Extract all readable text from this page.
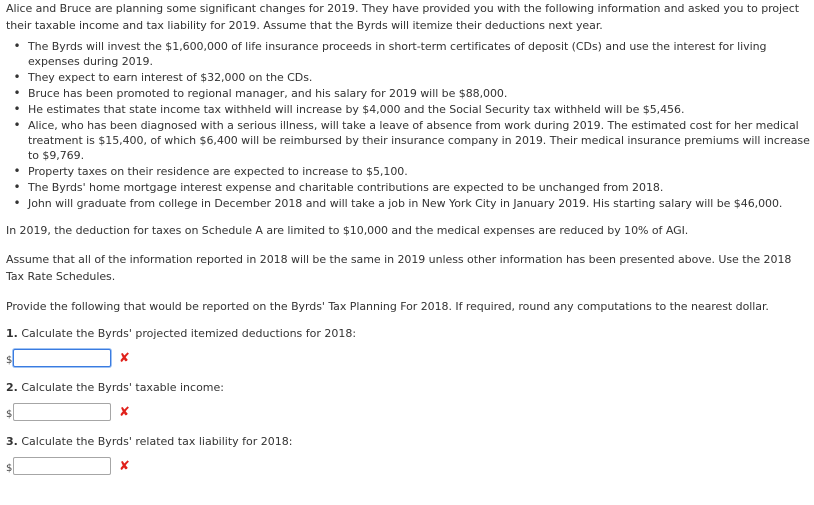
Alice and Bruce are planning some significant changes for 2019. They have provided you with the following information and asked you to project their taxable income and tax liability for 2019. Assume that the Byrds will itemize their deductions next year.

• The Byrds will invest the $1,600,000 of life insurance proceeds in short-term certificates of deposit (CDs) and use the interest for living expenses during 2019.
• They expect to earn interest of $32,000 on the CDs.
• Bruce has been promoted to regional manager, and his salary for 2019 will be $88,000.
• He estimates that state income tax withheld will increase by $4,000 and the Social Security tax withheld will be $5,456.
• Alice, who has been diagnosed with a serious illness, will take a leave of absence from work during 2019. The estimated cost for her medical treatment is $15,400, of which $6,400 will be reimbursed by their insurance company in 2019. Their medical insurance premiums will increase to $9,769.
• Property taxes on their residence are expected to increase to $5,100.
• The Byrds' home mortgage interest expense and charitable contributions are expected to be unchanged from 2018.
• John will graduate from college in December 2018 and will take a job in New York City in January 2019. His starting salary will be $46,000.

In 2019, the deduction for taxes on Schedule A are limited to $10,000 and the medical expenses are reduced by 10% of AGI.

Assume that all of the information reported in 2018 will be the same in 2019 unless other information has been presented above. Use the 2018 Tax Rate Schedules.

Provide the following that would be reported on the Byrds' Tax Planning For 2018. If required, round any computations to the nearest dollar.

1. Calculate the Byrds' projected itemized deductions for 2018:
$	✘
2. Calculate the Byrds' taxable income:
$	✘
3. Calculate the Byrds' related tax liability for 2018:
$	✘
